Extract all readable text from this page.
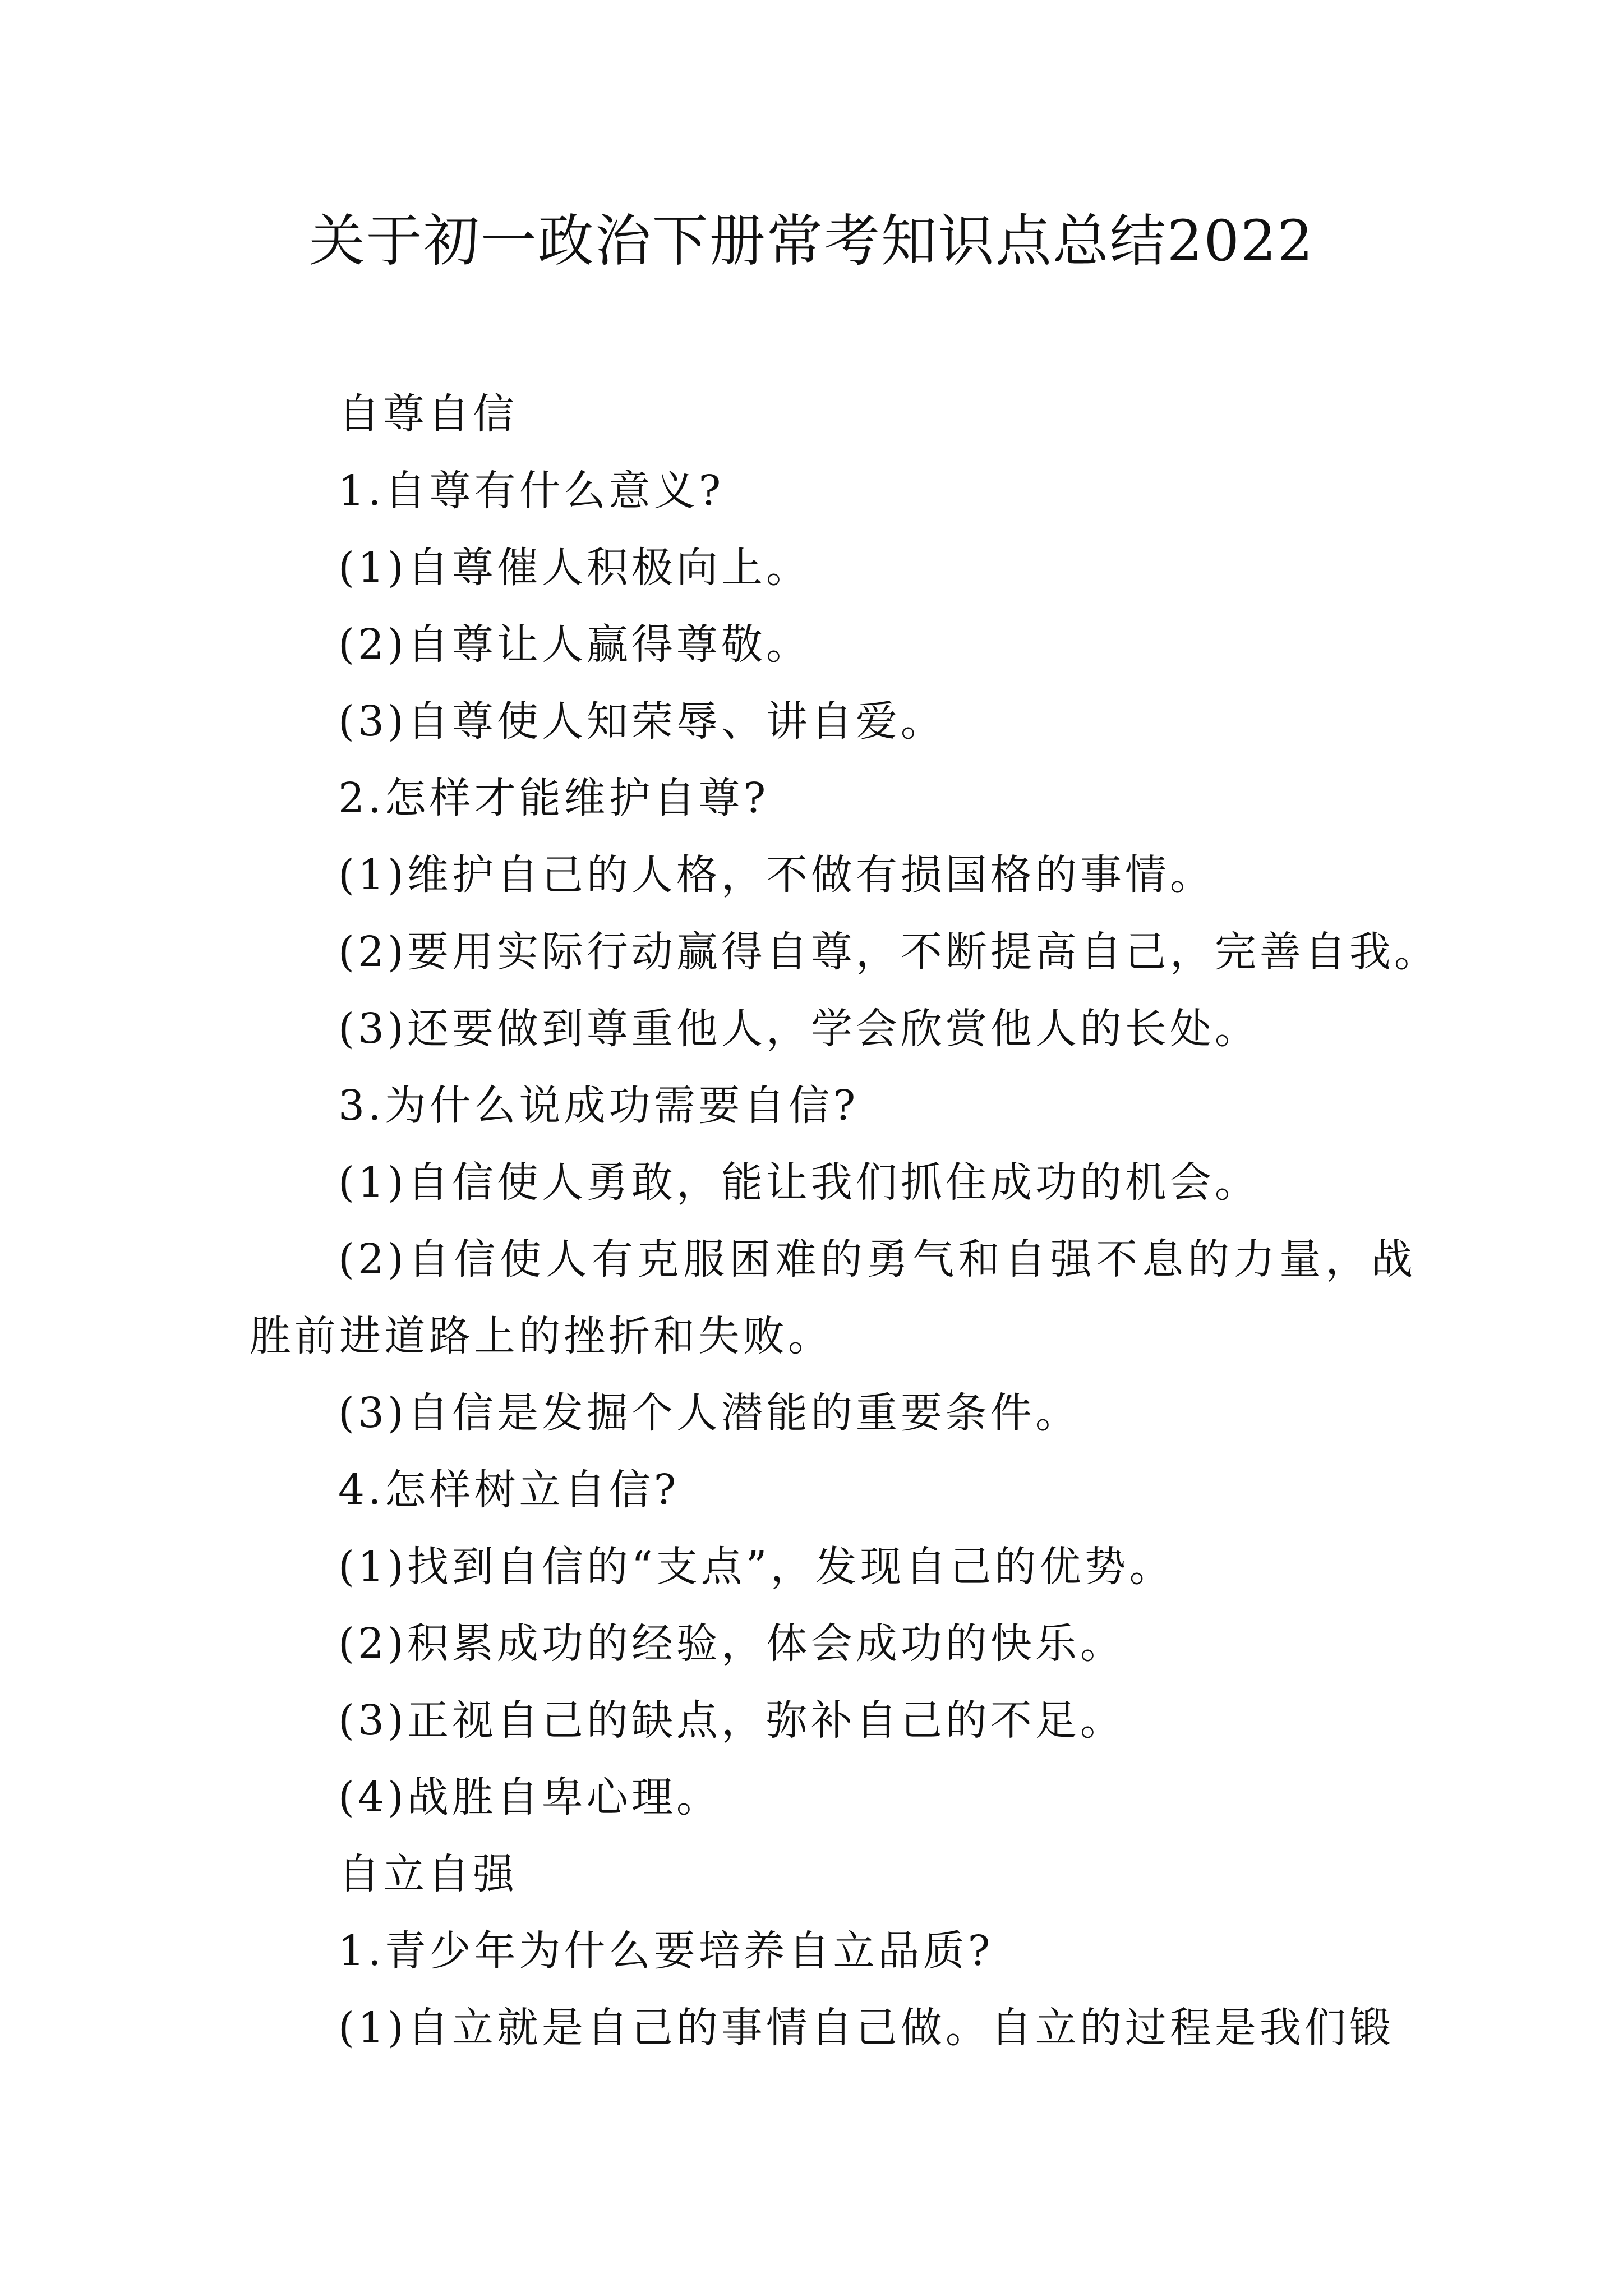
关于初一政治下册常考知识点总结2022
自尊自信
1.自尊有什么意义?
(1)自尊催人积极向上。
(2)自尊让人赢得尊敬。
(3)自尊使人知荣辱、讲自爱。
2.怎样才能维护自尊?
(1)维护自己的人格，不做有损国格的事情。
(2)要用实际行动赢得自尊，不断提高自己，完善自我。
(3)还要做到尊重他人，学会欣赏他人的长处。
3.为什么说成功需要自信?
(1)自信使人勇敢，能让我们抓住成功的机会。
(2)自信使人有克服困难的勇气和自强不息的力量，战胜前进道路上的挫折和失败。
(3)自信是发掘个人潜能的重要条件。
4.怎样树立自信?
(1)找到自信的“支点”，发现自己的优势。
(2)积累成功的经验，体会成功的快乐。
(3)正视自己的缺点，弥补自己的不足。
(4)战胜自卑心理。
自立自强
1.青少年为什么要培养自立品质?
(1)自立就是自己的事情自己做。自立的过程是我们锻
